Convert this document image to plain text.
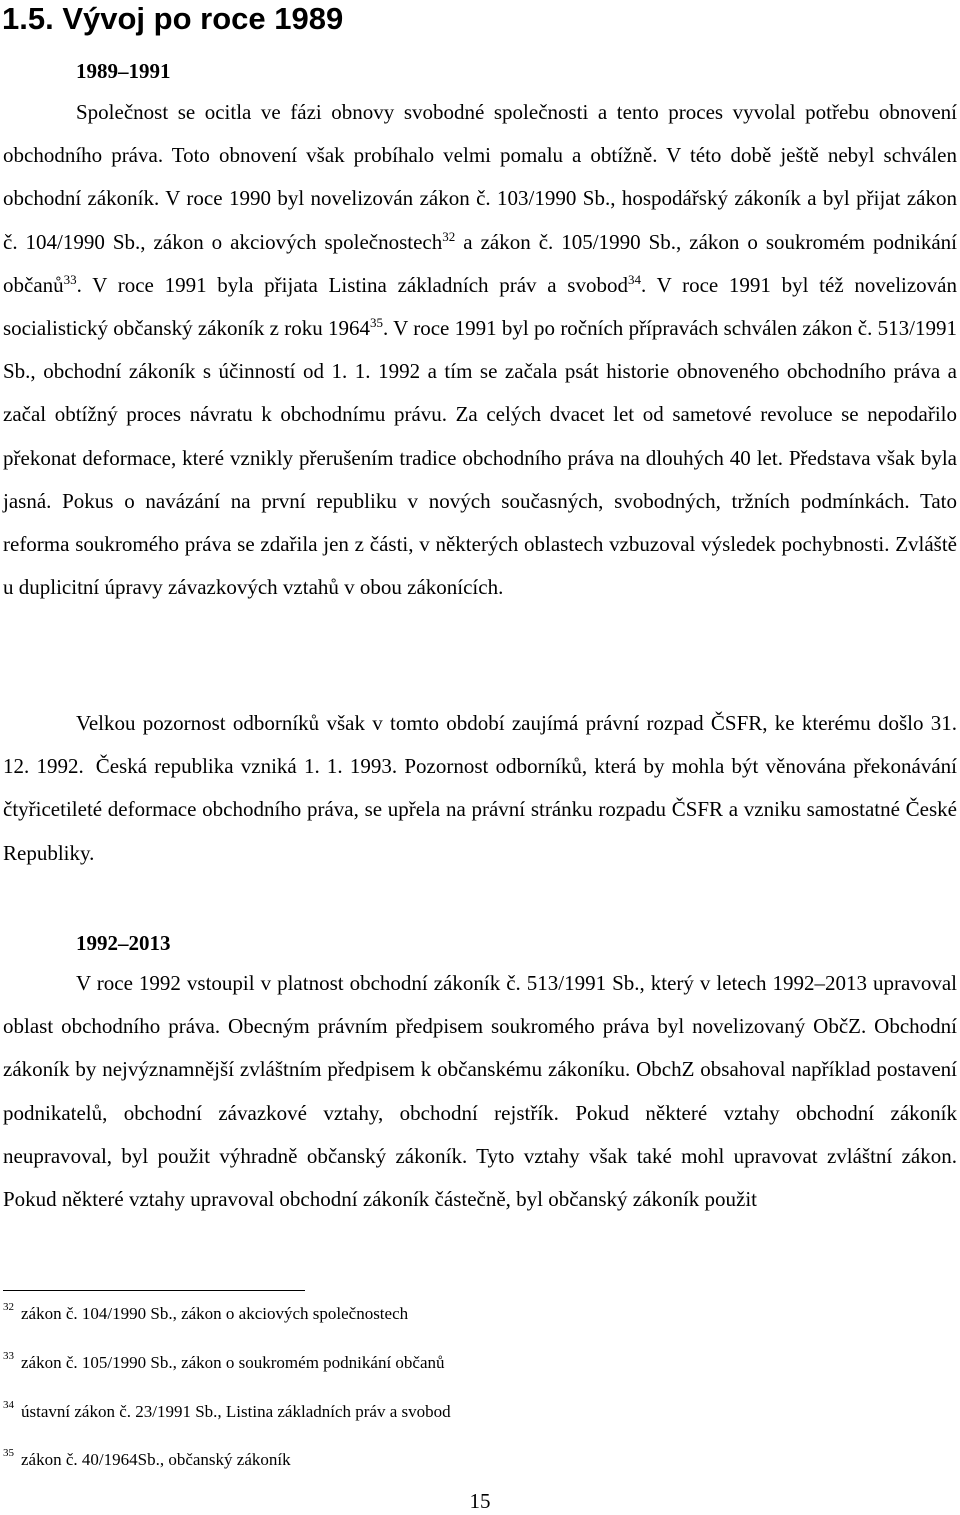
1.5. Vývoj po roce 1989
1989–1991

Společnost se ocitla ve fázi obnovy svobodné společnosti a tento proces vyvolal potřebu obnovení obchodního práva. Toto obnovení však probíhalo velmi pomalu a obtížně. V této době ještě nebyl schválen obchodní zákoník. V roce 1990 byl novelizován zákon č. 103/1990 Sb., hospodářský zákoník a byl přijat zákon č. 104/1990 Sb., zákon o akciových společnostech$^{32}$ a zákon č. 105/1990 Sb., zákon o soukromém podnikání občanů$^{33}$. V roce 1991 byla přijata Listina základních práv a svobod$^{34}$. V roce 1991 byl též novelizován socialistický občanský zákoník z roku 1964$^{35}$. V roce 1991 byl po ročních přípravách schválen zákon č. 513/1991 Sb., obchodní zákoník s účinností od 1. 1. 1992 a tím se začala psát historie obnoveného obchodního práva a začal obtížný proces návratu k obchodnímu právu. Za celých dvacet let od sametové revoluce se nepodařilo překonat deformace, které vznikly přerušením tradice obchodního práva na dlouhých 40 let. Představa však byla jasná. Pokus o navázání na první republiku v nových současných, svobodných, tržních podmínkách. Tato reforma soukromého práva se zdařila jen z části, v některých oblastech vzbuzoval výsledek pochybnosti. Zvláště u duplicitní úpravy závazkových vztahů v obou zákonících.

Velkou pozornost odborníků však v tomto období zaujímá právní rozpad ČSFR, ke kterému došlo 31. 12. 1992. Česká republika vzniká 1. 1. 1993. Pozornost odborníků, která by mohla být věnována překonávání čtyřicetileté deformace obchodního práva, se upřela na právní stránku rozpadu ČSFR a vzniku samostatné České Republiky.

1992–2013

V roce 1992 vstoupil v platnost obchodní zákoník č. 513/1991 Sb., který v letech 1992–2013 upravoval oblast obchodního práva. Obecným právním předpisem soukromého práva byl novelizovaný ObčZ. Obchodní zákoník by nejvýznamnější zvláštním předpisem k občanskému zákoníku. ObchZ obsahoval například postavení podnikatelů, obchodní závazkové vztahy, obchodní rejstřík. Pokud některé vztahy obchodní zákoník neupravoval, byl použit výhradně občanský zákoník. Tyto vztahy však také mohl upravovat zvláštní zákon. Pokud některé vztahy upravoval obchodní zákoník částečně, byl občanský zákoník použit

$^{32}$ zákon č. 104/1990 Sb., zákon o akciových společnostech

$^{33}$ zákon č. 105/1990 Sb., zákon o soukromém podnikání občanů

$^{34}$ ústavní zákon č. 23/1991 Sb., Listina základních práv a svobod

$^{35}$ zákon č. 40/1964Sb., občanský zákoník

15
